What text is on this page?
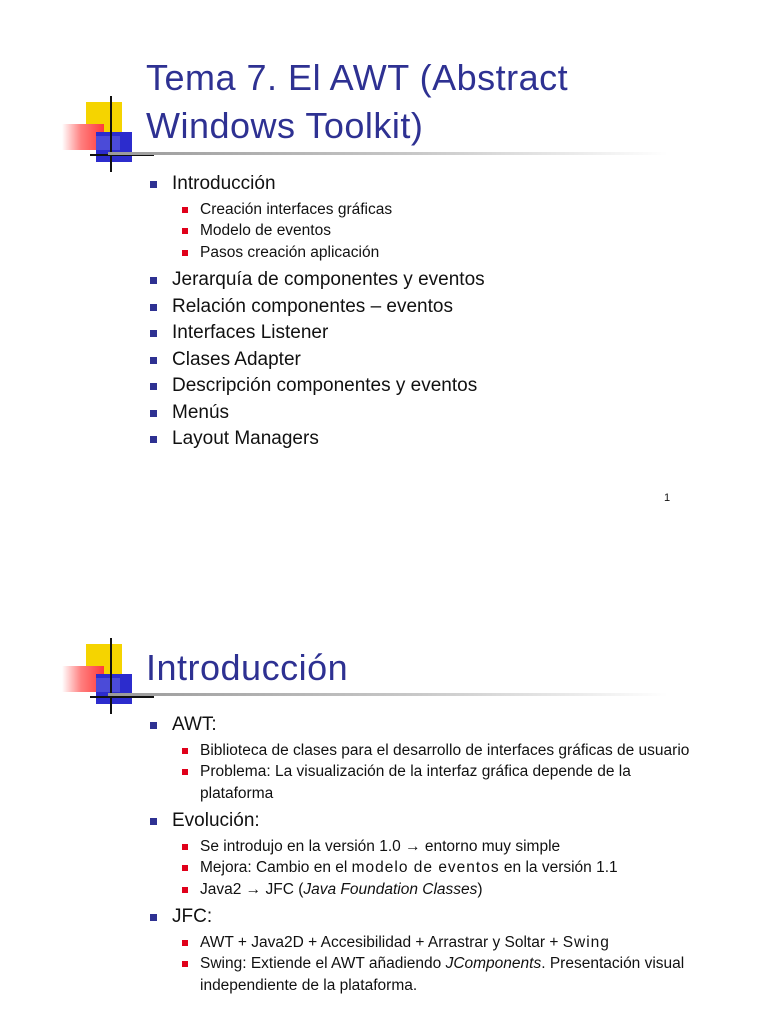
Tema 7. El AWT (Abstract
Windows Toolkit)
Introducción
Creación interfaces gráficas
Modelo de eventos
Pasos creación aplicación
Jerarquía de componentes y eventos
Relación componentes – eventos
Interfaces Listener
Clases Adapter
Descripción componentes y eventos
Menús
Layout Managers
1
Introducción
AWT:
Biblioteca de clases para el desarrollo de interfaces gráficas de usuario
Problema: La visualización de la interfaz gráfica depende de la plataforma
Evolución:
Se introdujo en la versión 1.0 → entorno muy simple
Mejora: Cambio en el modelo de eventos en la versión 1.1
Java2 → JFC (Java Foundation Classes)
JFC:
AWT + Java2D + Accesibilidad + Arrastrar y Soltar + Swing
Swing: Extiende el AWT añadiendo JComponents. Presentación visual independiente de la plataforma.
